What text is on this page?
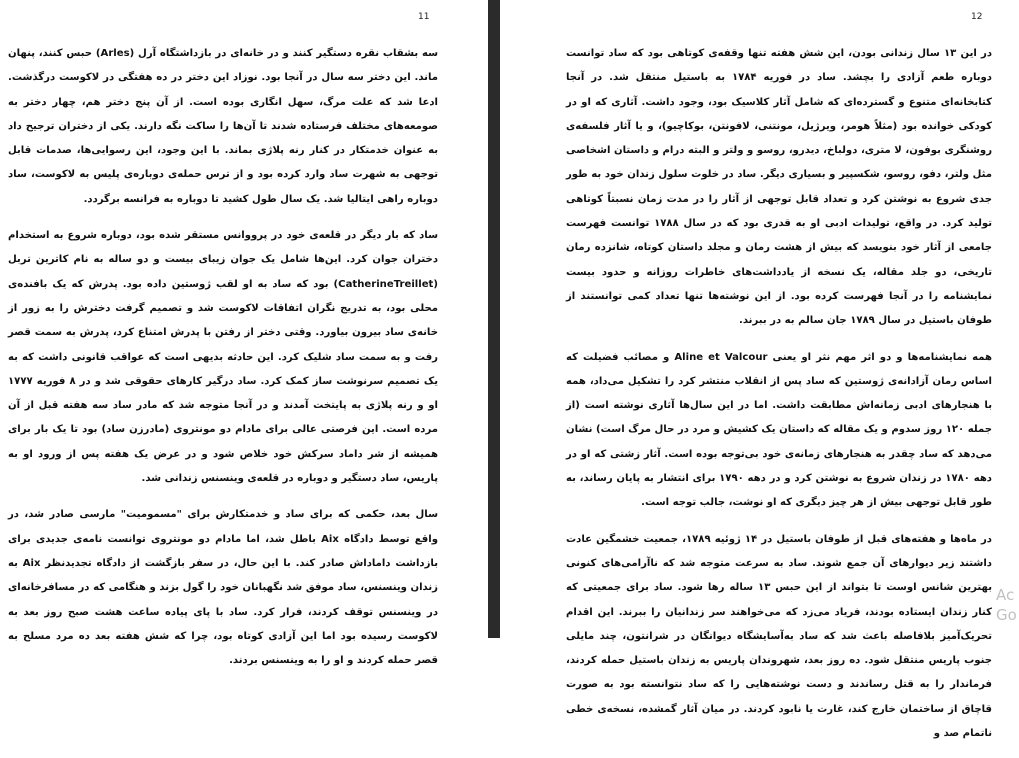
11

سه بشقاب نقره دستگیر کنند و در خانه‌ای در بازداشتگاه آرل (Arles) حبس کنند، پنهان ماند. این دختر سه سال در آنجا بود. نوزاد این دختر در ده هفتگی در لاکوست درگذشت. ادعا شد که علت مرگ، سهل انگاری بوده است. از آن پنج دختر هم، چهار دختر به صومعه‌های مختلف فرستاده شدند تا آن‌ها را ساکت نگه دارند. یکی از دختران ترجیح داد به عنوان خدمتکار در کنار رنه پلاژی بماند. با این وجود، این رسوایی‌ها، صدمات قابل توجهی به شهرت ساد وارد کرده بود و از ترس حمله‌ی دوباره‌ی پلیس به لاکوست، ساد دوباره راهی ایتالیا شد. یک سال طول کشید تا دوباره به فرانسه برگردد.

ساد که بار دیگر در قلعه‌ی خود در پرووانس مستقر شده بود، دوباره شروع به استخدام دختران جوان کرد. این‌ها شامل یک جوان زیبای بیست و دو ساله به نام کاترین تربل (CatherineTreillet) بود که ساد به او لقب ژوستین داده بود. پدرش که یک بافنده‌ی محلی بود، به تدریج نگران اتفاقات لاکوست شد و تصمیم گرفت دخترش را به زور از خانه‌ی ساد بیرون بیاورد. وقتی دختر از رفتن با پدرش امتناع کرد، پدرش به سمت قصر رفت و به سمت ساد شلیک کرد. این حادثه بدیهی است که عواقب قانونی داشت که به یک تصمیم سرنوشت ساز کمک کرد. ساد درگیر کارهای حقوقی شد و در ۸ فوریه ۱۷۷۷ او و رنه پلاژی به پایتخت آمدند و در آنجا متوجه شد که مادر ساد سه هفته قبل از آن مرده است. این فرصتی عالی برای مادام دو مونتروی (مادرزن ساد) بود تا یک بار برای همیشه از شر داماد سرکش خود خلاص شود و در عرض یک هفته پس از ورود او به پاریس، ساد دستگیر و دوباره در قلعه‌ی وینسنس زندانی شد.

سال بعد، حکمی که برای ساد و خدمتکارش برای "مسمومیت" مارسی صادر شد، در واقع توسط دادگاه Aix باطل شد، اما مادام دو مونتروی توانست نامه‌ی جدیدی برای بازداشت داماداش صادر کند. با این حال، در سفر بازگشت از دادگاه تجدیدنظر Aix به زندان وینسنس، ساد موفق شد نگهبانان خود را گول بزند و هنگامی که در مسافرخانه‌ای در وینسنس توقف کردند، فرار کرد. ساد با پای پیاده ساعت هشت صبح روز بعد به لاکوست رسیده بود اما این آزادی کوتاه بود، چرا که شش هفته بعد ده مرد مسلح به قصر حمله کردند و او را به وینسنس بردند.

12

در این ۱۳ سال زندانی بودن، این شش هفته تنها وقفه‌ی کوتاهی بود که ساد توانست دوباره طعم آزادی را بچشد. ساد در فوریه ۱۷۸۴ به باستیل منتقل شد. در آنجا کتابخانه‌ای متنوع و گسترده‌ای که شامل آثار کلاسیک بود، وجود داشت. آثاری که او در کودکی خوانده بود (مثلاً هومر، ویرژیل، مونتنی، لافونتن، بوکاچیو)، و یا آثار فلسفه‌ی روشنگری بوفون، لا متری، دولباخ، دیدرو، روسو و ولتر و البته درام و داستان اشخاصی مثل ولتر، دفو، روسو، شکسپیر و بسیاری دیگر. ساد در خلوت سلول زندان خود به طور جدی شروع به نوشتن کرد و تعداد قابل توجهی از آثار را در مدت زمان نسبتاً کوتاهی تولید کرد. در واقع، تولیدات ادبی او به قدری بود که در سال ۱۷۸۸ توانست فهرست جامعی از آثار خود بنویسد که بیش از هشت رمان و مجلد داستان کوتاه، شانزده رمان تاریخی، دو جلد مقاله، یک نسخه از یادداشت‌های خاطرات روزانه و حدود بیست نمایشنامه را در آنجا فهرست کرده بود. از این نوشته‌ها تنها تعداد کمی توانستند از طوفان باستیل در سال ۱۷۸۹ جان سالم به در ببرند.

همه نمایشنامه‌ها و دو اثر مهم نثر او یعنی Aline et Valcour و مصائب فضیلت که اساس رمان آزادانه‌ی ژوستین که ساد پس از انقلاب منتشر کرد را تشکیل می‌داد، همه با هنجارهای ادبی زمانه‌اش مطابقت داشت. اما در این سال‌ها آثاری نوشته است (از جمله ۱۲۰ روز سدوم و یک مقاله که داستان یک کشیش و مرد در حال مرگ است) نشان می‌دهد که ساد چقدر به هنجارهای زمانه‌ی خود بی‌توجه بوده است. آثار زشتی که او در دهه ۱۷۸۰ در زندان شروع به نوشتن کرد و در دهه ۱۷۹۰ برای انتشار به پایان رساند، به طور قابل توجهی بیش از هر چیز دیگری که او نوشت، جالب توجه است.

در ماه‌ها و هفته‌های قبل از طوفان باستیل در ۱۴ ژوئیه ۱۷۸۹، جمعیت خشمگین عادت داشتند زیر دیوارهای آن جمع شوند. ساد به سرعت متوجه شد که ناآرامی‌های کنونی بهترین شانس اوست تا بتواند از این حبس ۱۳ ساله رها شود. ساد برای جمعیتی که کنار زندان ایستاده بودند، فریاد می‌زد که می‌خواهند سر زندانیان را ببرند. این اقدام تحریک‌آمیز بلافاصله باعث شد که ساد به‌آسایشگاه دیوانگان در شرانتون، چند مایلی جنوب پاریس منتقل شود. ده روز بعد، شهروندان پاریس به زندان باستیل حمله کردند، فرماندار را به قتل رساندند و دست نوشته‌هایی را که ساد نتوانسته بود به صورت قاچاق از ساختمان خارج کند، غارت یا نابود کردند. در میان آثار گمشده، نسخه‌ی خطی ناتمام صد و

Ac
Go
